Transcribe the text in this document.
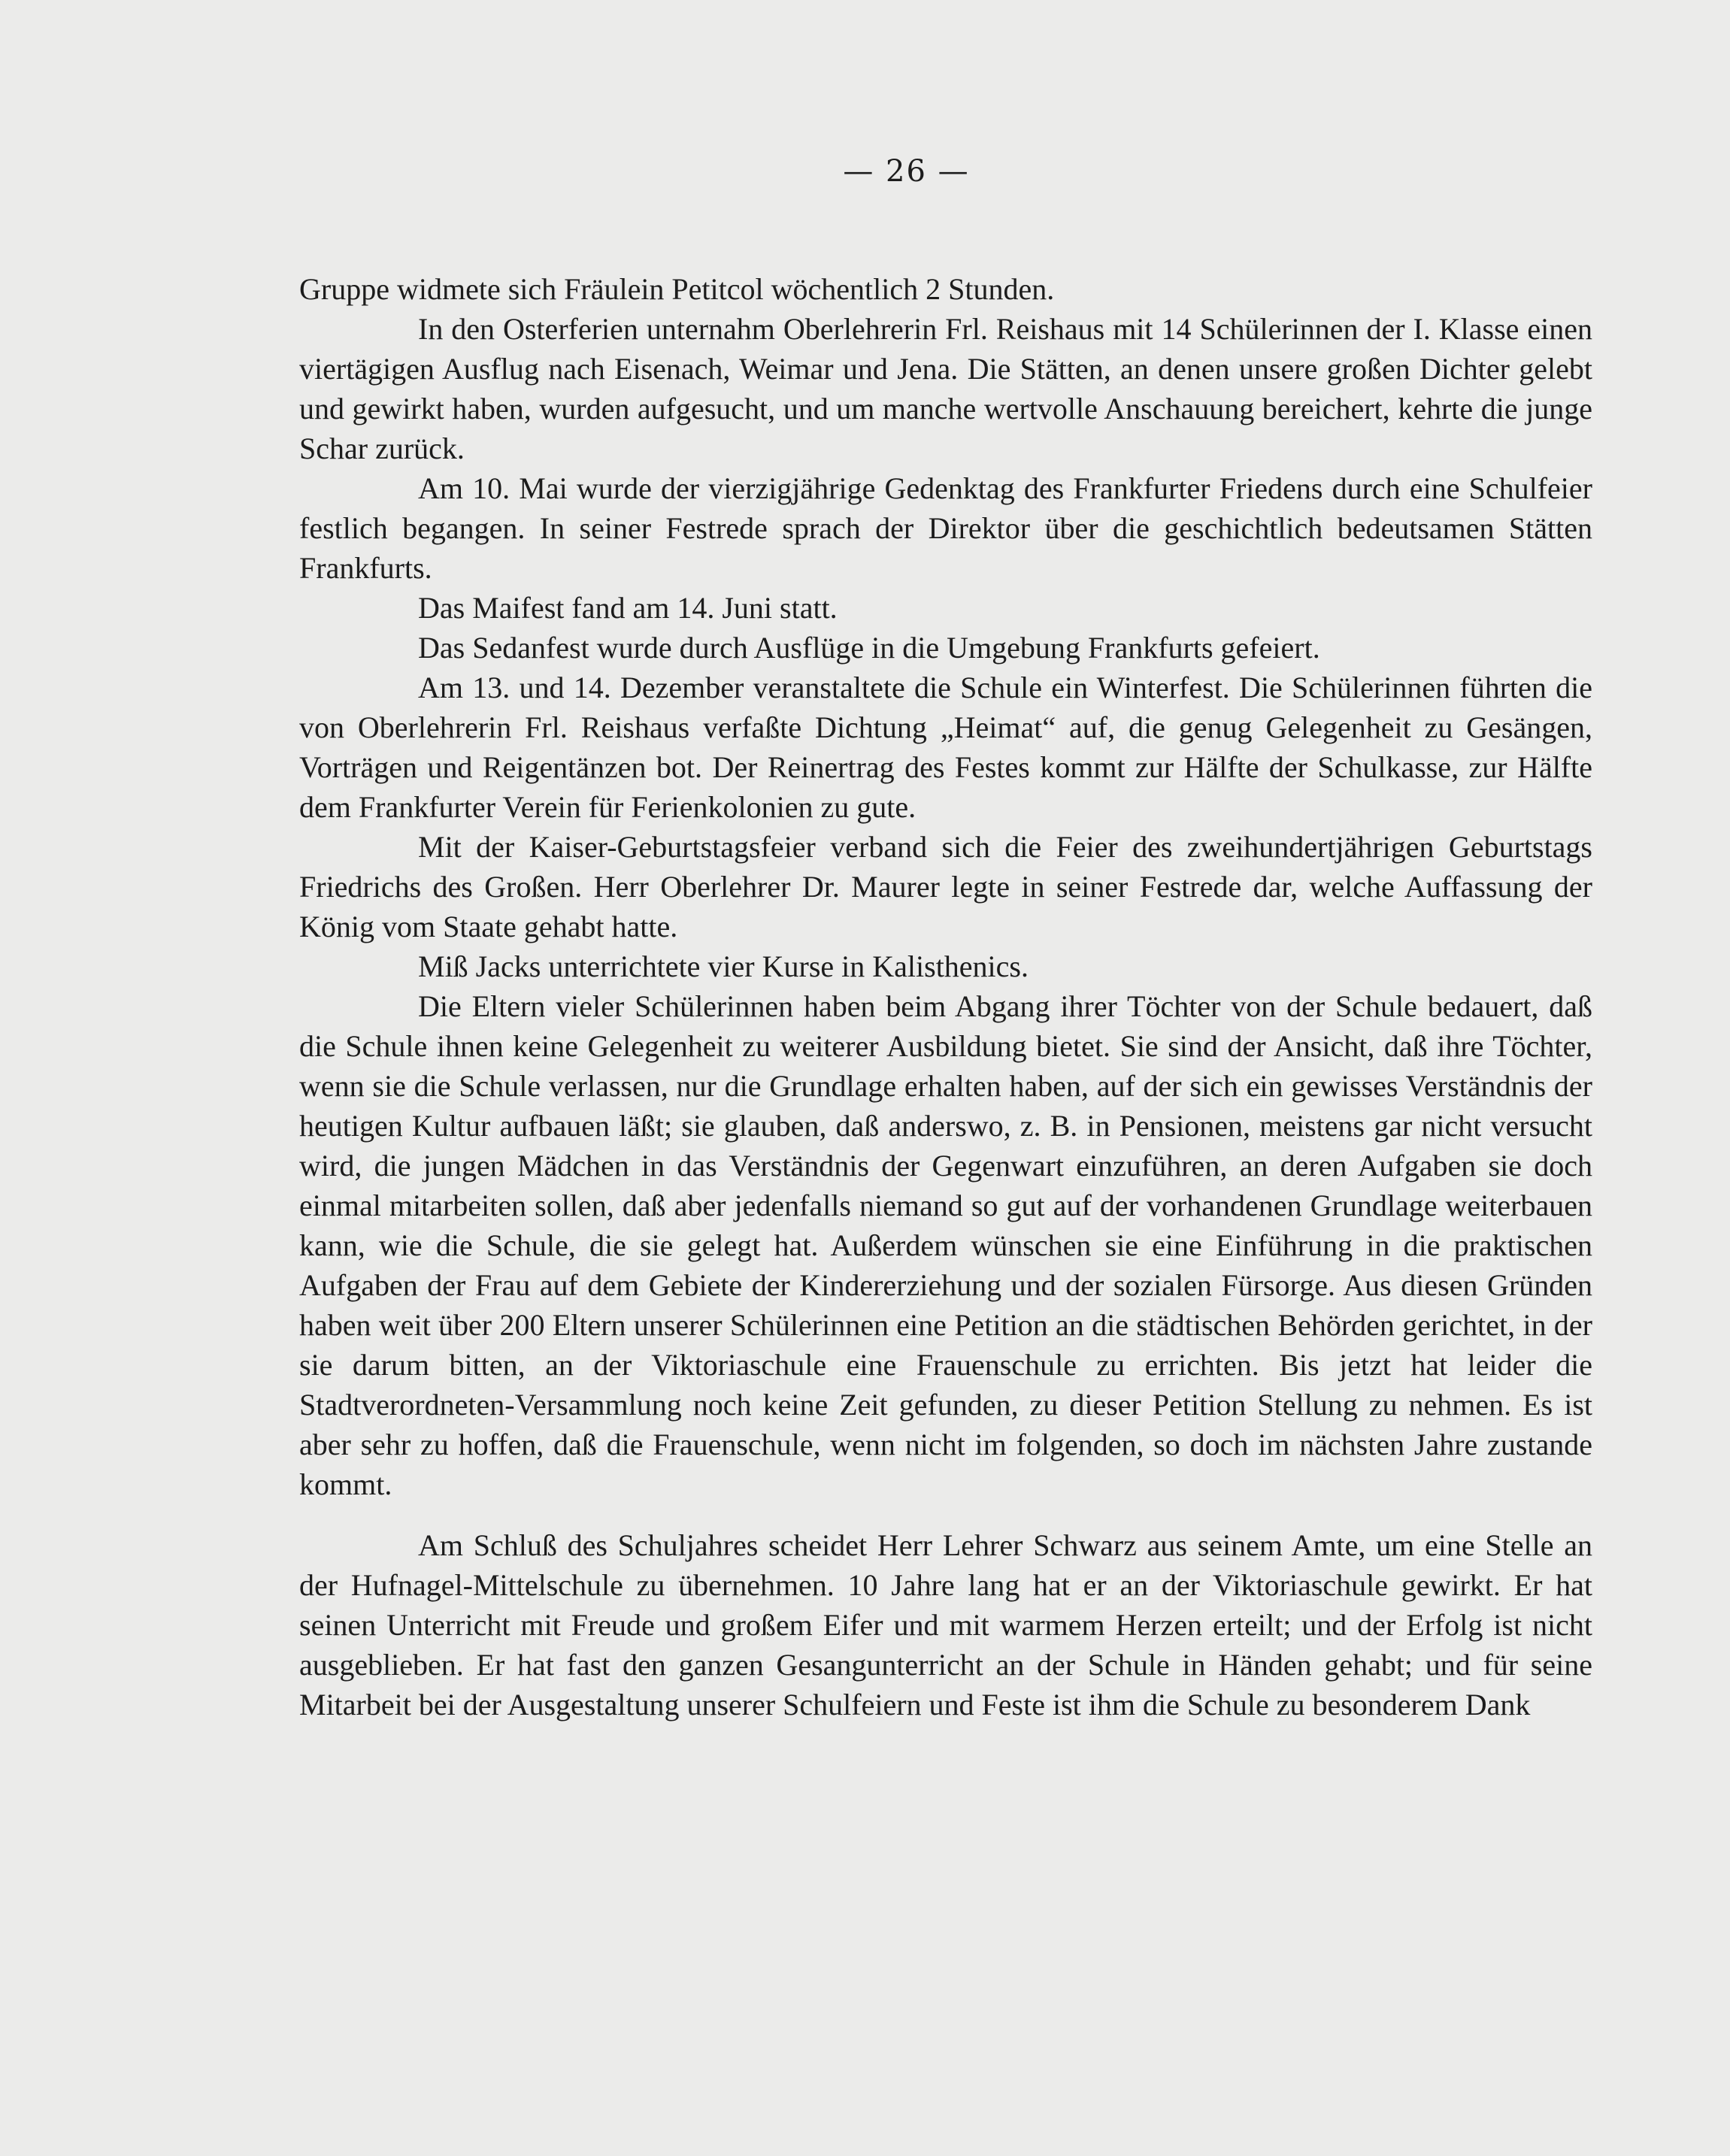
— 26 —

Gruppe widmete sich Fräulein Petitcol wöchentlich 2 Stunden.

In den Osterferien unternahm Oberlehrerin Frl. Reishaus mit 14 Schülerinnen der I. Klasse einen viertägigen Ausflug nach Eisenach, Weimar und Jena. Die Stätten, an denen unsere großen Dichter gelebt und gewirkt haben, wurden aufgesucht, und um manche wertvolle Anschauung bereichert, kehrte die junge Schar zurück.

Am 10. Mai wurde der vierzigjährige Gedenktag des Frankfurter Friedens durch eine Schulfeier festlich begangen. In seiner Festrede sprach der Direktor über die geschichtlich bedeutsamen Stätten Frankfurts.

Das Maifest fand am 14. Juni statt.

Das Sedanfest wurde durch Ausflüge in die Umgebung Frankfurts gefeiert.

Am 13. und 14. Dezember veranstaltete die Schule ein Winterfest. Die Schülerinnen führten die von Oberlehrerin Frl. Reishaus verfaßte Dichtung „Heimat“ auf, die genug Gelegenheit zu Gesängen, Vorträgen und Reigentänzen bot. Der Reinertrag des Festes kommt zur Hälfte der Schulkasse, zur Hälfte dem Frankfurter Verein für Ferienkolonien zu gute.

Mit der Kaiser-Geburtstagsfeier verband sich die Feier des zweihundertjährigen Geburtstags Friedrichs des Großen. Herr Oberlehrer Dr. Maurer legte in seiner Festrede dar, welche Auffassung der König vom Staate gehabt hatte.

Miß Jacks unterrichtete vier Kurse in Kalisthenics.

Die Eltern vieler Schülerinnen haben beim Abgang ihrer Töchter von der Schule bedauert, daß die Schule ihnen keine Gelegenheit zu weiterer Ausbildung bietet. Sie sind der Ansicht, daß ihre Töchter, wenn sie die Schule verlassen, nur die Grundlage erhalten haben, auf der sich ein gewisses Verständnis der heutigen Kultur aufbauen läßt; sie glauben, daß anderswo, z. B. in Pensionen, meistens gar nicht versucht wird, die jungen Mädchen in das Verständnis der Gegenwart einzuführen, an deren Aufgaben sie doch einmal mitarbeiten sollen, daß aber jedenfalls niemand so gut auf der vorhandenen Grundlage weiterbauen kann, wie die Schule, die sie gelegt hat. Außerdem wünschen sie eine Einführung in die praktischen Aufgaben der Frau auf dem Gebiete der Kindererziehung und der sozialen Fürsorge. Aus diesen Gründen haben weit über 200 Eltern unserer Schülerinnen eine Petition an die städtischen Behörden gerichtet, in der sie darum bitten, an der Viktoriaschule eine Frauenschule zu errichten. Bis jetzt hat leider die Stadtverordneten-Versammlung noch keine Zeit gefunden, zu dieser Petition Stellung zu nehmen. Es ist aber sehr zu hoffen, daß die Frauenschule, wenn nicht im folgenden, so doch im nächsten Jahre zustande kommt.

Am Schluß des Schuljahres scheidet Herr Lehrer Schwarz aus seinem Amte, um eine Stelle an der Hufnagel-Mittelschule zu übernehmen. 10 Jahre lang hat er an der Viktoriaschule gewirkt. Er hat seinen Unterricht mit Freude und großem Eifer und mit warmem Herzen erteilt; und der Erfolg ist nicht ausgeblieben. Er hat fast den ganzen Gesangunterricht an der Schule in Händen gehabt; und für seine Mitarbeit bei der Ausgestaltung unserer Schulfeiern und Feste ist ihm die Schule zu besonderem Dank
